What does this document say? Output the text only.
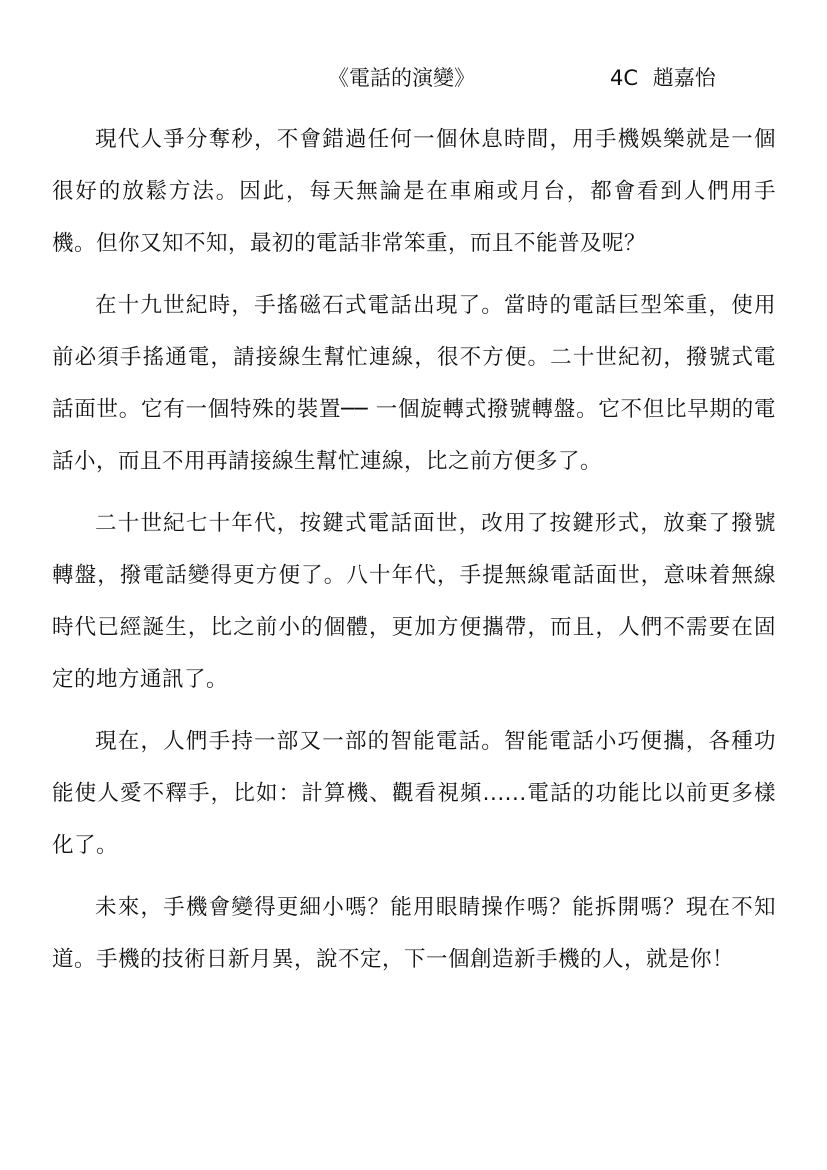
《電話的演變》	4C 趙嘉怡

現代人爭分奪秒，不會錯過任何一個休息時間，用手機娛樂就是一個很好的放鬆方法。因此，每天無論是在車廂或月台，都會看到人們用手機。但你又知不知，最初的電話非常笨重，而且不能普及呢？

在十九世紀時，手搖磁石式電話出現了。當時的電話巨型笨重，使用前必須手搖通電，請接線生幫忙連線，很不方便。二十世紀初，撥號式電話面世。它有一個特殊的裝置── 一個旋轉式撥號轉盤。它不但比早期的電話小，而且不用再請接線生幫忙連線，比之前方便多了。

二十世紀七十年代，按鍵式電話面世，改用了按鍵形式，放棄了撥號轉盤，撥電話變得更方便了。八十年代，手提無線電話面世，意味着無線時代已經誕生，比之前小的個體，更加方便攜帶，而且，人們不需要在固定的地方通訊了。

現在，人們手持一部又一部的智能電話。智能電話小巧便攜，各種功能使人愛不釋手，比如：計算機、觀看視頻......電話的功能比以前更多樣化了。

未來，手機會變得更細小嗎？能用眼睛操作嗎？能拆開嗎？現在不知道。手機的技術日新月異，說不定，下一個創造新手機的人，就是你！
